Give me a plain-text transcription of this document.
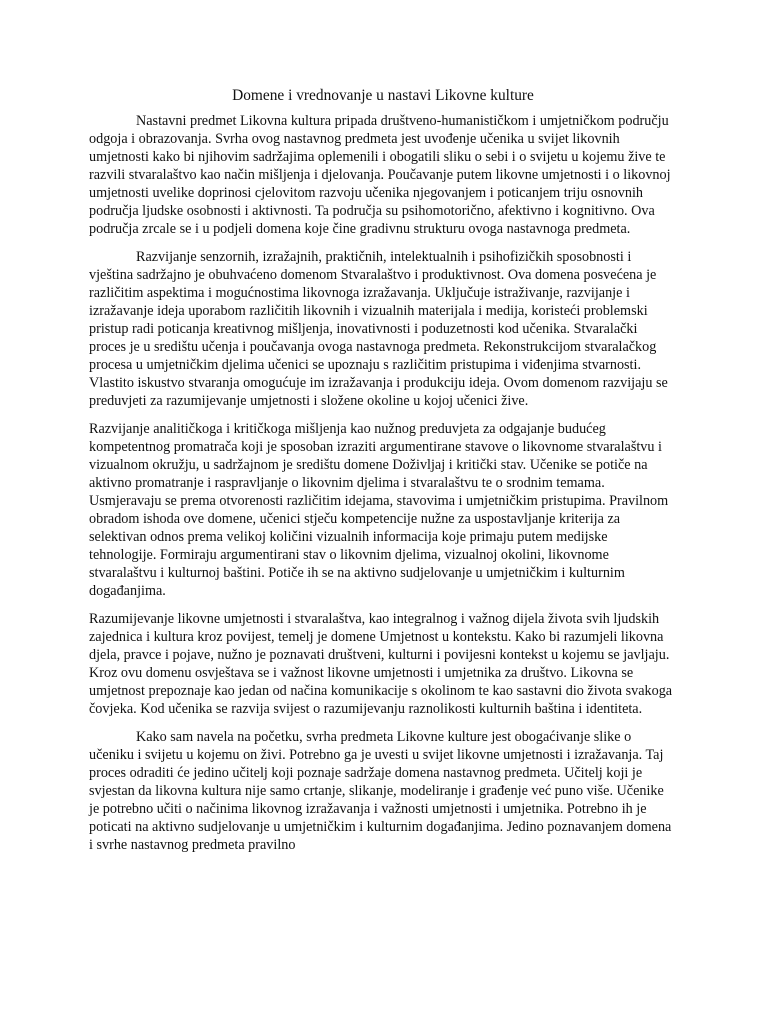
Domene i vrednovanje u nastavi Likovne kulture

Nastavni predmet Likovna kultura pripada društveno-humanističkom i umjetničkom području odgoja i obrazovanja. Svrha ovog nastavnog predmeta jest uvođenje učenika u svijet likovnih umjetnosti kako bi njihovim sadržajima oplemenili i obogatili sliku o sebi i o svijetu u kojemu žive te razvili stvaralaštvo kao način mišljenja i djelovanja. Poučavanje putem likovne umjetnosti i o likovnoj umjetnosti uvelike doprinosi cjelovitom razvoju učenika njegovanjem i poticanjem triju osnovnih područja ljudske osobnosti i aktivnosti. Ta područja su psihomotorično, afektivno i kognitivno. Ova područja zrcale se i u podjeli domena koje čine gradivnu strukturu ovoga nastavnoga predmeta.

Razvijanje senzornih, izražajnih, praktičnih, intelektualnih i psihofizičkih sposobnosti i vještina sadržajno je obuhvaćeno domenom Stvaralaštvo i produktivnost. Ova domena posvećena je različitim aspektima i mogućnostima likovnoga izražavanja. Uključuje istraživanje, razvijanje i izražavanje ideja uporabom različitih likovnih i vizualnih materijala i medija, koristeći problemski pristup radi poticanja kreativnog mišljenja, inovativnosti i poduzetnosti kod učenika. Stvaralački proces je u središtu učenja i poučavanja ovoga nastavnoga predmeta. Rekonstrukcijom stvaralačkog procesa u umjetničkim djelima učenici se upoznaju s različitim pristupima i viđenjima stvarnosti. Vlastito iskustvo stvaranja omogućuje im izražavanja i produkciju ideja. Ovom domenom razvijaju se preduvjeti za razumijevanje umjetnosti i složene okoline u kojoj učenici žive.

Razvijanje analitičkoga i kritičkoga mišljenja kao nužnog preduvjeta za odgajanje budućeg kompetentnog promatrača koji je sposoban izraziti argumentirane stavove o likovnome stvaralaštvu i vizualnom okružju, u sadržajnom je središtu domene Doživljaj i kritički stav. Učenike se potiče na aktivno promatranje i raspravljanje o likovnim djelima i stvaralaštvu te o srodnim temama. Usmjeravaju se prema otvorenosti različitim idejama, stavovima i umjetničkim pristupima. Pravilnom obradom ishoda ove domene, učenici stječu kompetencije nužne za uspostavljanje kriterija za selektivan odnos prema velikoj količini vizualnih informacija koje primaju putem medijske tehnologije. Formiraju argumentirani stav o likovnim djelima, vizualnoj okolini, likovnome stvaralaštvu i kulturnoj baštini. Potiče ih se na aktivno sudjelovanje u umjetničkim i kulturnim događanjima.

Razumijevanje likovne umjetnosti i stvaralaštva, kao integralnog i važnog dijela života svih ljudskih zajednica i kultura kroz povijest, temelj je domene Umjetnost u kontekstu. Kako bi razumjeli likovna djela, pravce i pojave, nužno je poznavati društveni, kulturni i povijesni kontekst u kojemu se javljaju. Kroz ovu domenu osvještava se i važnost likovne umjetnosti i umjetnika za društvo. Likovna se umjetnost prepoznaje kao jedan od načina komunikacije s okolinom te kao sastavni dio života svakoga čovjeka. Kod učenika se razvija svijest o razumijevanju raznolikosti kulturnih baština i identiteta.

Kako sam navela na početku, svrha predmeta Likovne kulture jest obogaćivanje slike o učeniku i svijetu u kojemu on živi. Potrebno ga je uvesti u svijet likovne umjetnosti i izražavanja. Taj proces odraditi će jedino učitelj koji poznaje sadržaje domena nastavnog predmeta. Učitelj koji je svjestan da likovna kultura nije samo crtanje, slikanje, modeliranje i građenje već puno više. Učenike je potrebno učiti o načinima likovnog izražavanja i važnosti umjetnosti i umjetnika. Potrebno ih je poticati na aktivno sudjelovanje u umjetničkim i kulturnim događanjima. Jedino poznavanjem domena i svrhe nastavnog predmeta pravilno
